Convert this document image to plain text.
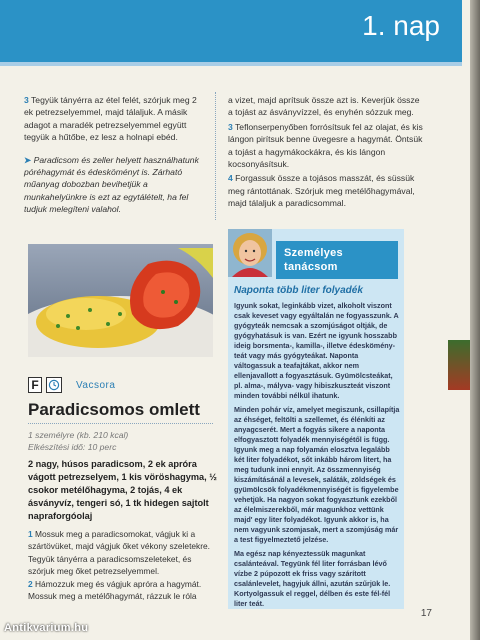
1. nap

3 Tegyük tányérra az étel felét, szórjuk meg 2 ek petrezselyemmel, majd tálaljuk. A másik adagot a maradék petrezselyemmel együtt tegyük a hűtőbe, ez lesz a holnapi ebéd.

➤ Paradicsom és zeller helyett használhatunk póréhagymát és édesköményt is. Zárható műanyag dobozban bevihetjük a munkahelyünkre is ezt az egytálételt, ha fel tudjuk melegíteni valahol.

a vizet, majd aprítsuk össze azt is. Keverjük össze a tojást az ásványvízzel, és enyhén sózzuk meg.

3 Teflonserpenyőben forrósítsuk fel az olajat, és kis lángon pirítsuk benne üvegesre a hagymát. Öntsük a tojást a hagymákockákra, és kis lángon kocsonyásítsuk.

4 Forgassuk össze a tojásos masszát, és süssük meg rántottának. Szórjuk meg metélőhagymával, majd tálaljuk a paradicsommal.

F	Vacsora
Paradicsomos omlett
1 személyre (kb. 210 kcal)
Elkészítési idő: 10 perc
2 nagy, húsos paradicsom, 2 ek apróra vágott petrezselyem, 1 kis vöröshagyma, ½ csokor metélőhagyma, 2 tojás, 4 ek ásványvíz, tengeri só, 1 tk hidegen sajtolt napraforgóolaj

1 Mossuk meg a paradicsomokat, vágjuk ki a szártövüket, majd vágjuk őket vékony szeletekre. Tegyük tányérra a paradicsomszeleteket, és szórjuk meg őket petrezselyemmel.

2 Hámozzuk meg és vágjuk apróra a hagymát. Mossuk meg a metélőhagymát, rázzuk le róla

Személyes tanácsom
Naponta több liter folyadék

Igyunk sokat, leginkább vizet, alkoholt viszont csak keveset vagy egyáltalán ne fogyasszunk. A gyógyteák nemcsak a szomjúságot oltják, de gyógyhatásuk is van. Ezért ne igyunk hosszabb ideig borsmenta-, kamilla-, illetve édeskömény-teát vagy más gyógyteákat. Naponta váltogassuk a teafajtákat, akkor nem ellenjavallott a fogyasztásuk. Gyümölcsteákat, pl. alma-, mályva- vagy hibiszkuszteát viszont minden további nélkül ihatunk.

Minden pohár víz, amelyet megiszunk, csillapítja az éhséget, feltölti a szellemet, és élénkíti az anyagcserét. Mert a fogyás sikere a naponta elfogyasztott folyadék mennyiségétől is függ. Igyunk meg a nap folyamán elosztva legalább két liter folyadékot, sőt inkább három litert, ha meg tudunk inni ennyit. Az összmennyiség kiszámításánál a levesek, saláták, zöldségek és gyümölcsök folyadékmennyiségét is figyelembe vehetjük. Ha nagyon sokat fogyasztunk ezekből az élelmiszerekből, már magunkhoz vettünk majd' egy liter folyadékot. Igyunk akkor is, ha nem vagyunk szomjasak, mert a szomjúság már a test figyelmeztető jelzése.

Ma egész nap kényeztessük magunkat csalánteával. Tegyünk fél liter forrásban lévő vízbe 2 púpozott ek friss vagy szárított csalánlevelet, hagyjuk állni, azután szűrjük le. Kortyolgassuk el reggel, délben és este fél-fél liter teát.

17
Antikvarium.hu
